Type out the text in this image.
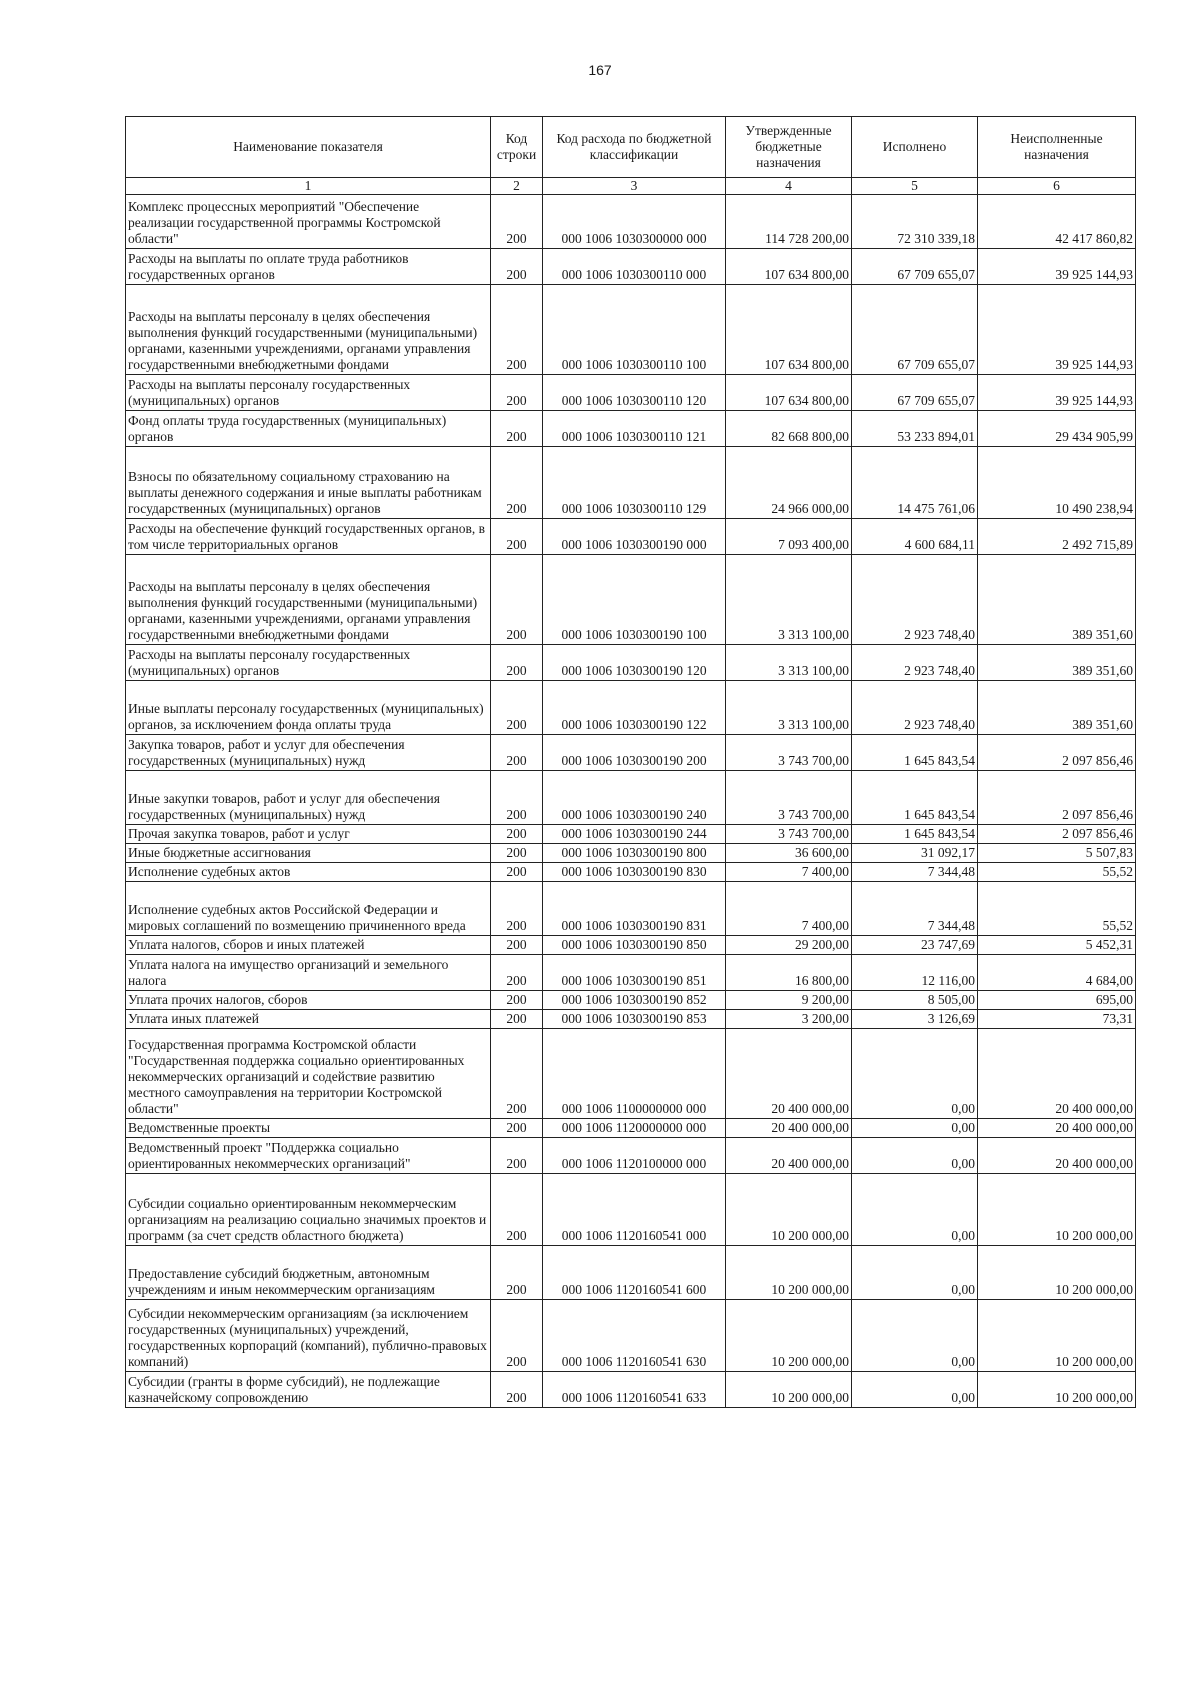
167
Наименование показателя	Код строки	Код расхода по бюджетной классификации	Утвержденные бюджетные назначения	Исполнено	Неисполненные назначения
1	2	3	4	5	6
Комплекс процессных мероприятий "Обеспечение реализации государственной программы Костромской области"	200	000 1006 1030300000 000	114 728 200,00	72 310 339,18	42 417 860,82
Расходы на выплаты по оплате труда работников государственных органов	200	000 1006 1030300110 000	107 634 800,00	67 709 655,07	39 925 144,93
Расходы на выплаты персоналу в целях обеспечения выполнения функций государственными (муниципальными) органами, казенными учреждениями, органами управления государственными внебюджетными фондами	200	000 1006 1030300110 100	107 634 800,00	67 709 655,07	39 925 144,93
Расходы на выплаты персоналу государственных (муниципальных) органов	200	000 1006 1030300110 120	107 634 800,00	67 709 655,07	39 925 144,93
Фонд оплаты труда государственных (муниципальных) органов	200	000 1006 1030300110 121	82 668 800,00	53 233 894,01	29 434 905,99
Взносы по обязательному социальному страхованию на выплаты денежного содержания и иные выплаты работникам государственных (муниципальных) органов	200	000 1006 1030300110 129	24 966 000,00	14 475 761,06	10 490 238,94
Расходы на обеспечение функций государственных органов, в том числе территориальных органов	200	000 1006 1030300190 000	7 093 400,00	4 600 684,11	2 492 715,89
Расходы на выплаты персоналу в целях обеспечения выполнения функций государственными (муниципальными) органами, казенными учреждениями, органами управления государственными внебюджетными фондами	200	000 1006 1030300190 100	3 313 100,00	2 923 748,40	389 351,60
Расходы на выплаты персоналу государственных (муниципальных) органов	200	000 1006 1030300190 120	3 313 100,00	2 923 748,40	389 351,60
Иные выплаты персоналу государственных (муниципальных) органов, за исключением фонда оплаты труда	200	000 1006 1030300190 122	3 313 100,00	2 923 748,40	389 351,60
Закупка товаров, работ и услуг для обеспечения государственных (муниципальных) нужд	200	000 1006 1030300190 200	3 743 700,00	1 645 843,54	2 097 856,46
Иные закупки товаров, работ и услуг для обеспечения государственных (муниципальных) нужд	200	000 1006 1030300190 240	3 743 700,00	1 645 843,54	2 097 856,46
Прочая закупка товаров, работ и услуг	200	000 1006 1030300190 244	3 743 700,00	1 645 843,54	2 097 856,46
Иные бюджетные ассигнования	200	000 1006 1030300190 800	36 600,00	31 092,17	5 507,83
Исполнение судебных актов	200	000 1006 1030300190 830	7 400,00	7 344,48	55,52
Исполнение судебных актов Российской Федерации и мировых соглашений по возмещению причиненного вреда	200	000 1006 1030300190 831	7 400,00	7 344,48	55,52
Уплата налогов, сборов и иных платежей	200	000 1006 1030300190 850	29 200,00	23 747,69	5 452,31
Уплата налога на имущество организаций и земельного налога	200	000 1006 1030300190 851	16 800,00	12 116,00	4 684,00
Уплата прочих налогов, сборов	200	000 1006 1030300190 852	9 200,00	8 505,00	695,00
Уплата иных платежей	200	000 1006 1030300190 853	3 200,00	3 126,69	73,31
Государственная программа Костромской области "Государственная поддержка социально ориентированных некоммерческих организаций и содействие развитию местного самоуправления на территории Костромской области"	200	000 1006 1100000000 000	20 400 000,00	0,00	20 400 000,00
Ведомственные проекты	200	000 1006 1120000000 000	20 400 000,00	0,00	20 400 000,00
Ведомственный проект "Поддержка социально ориентированных некоммерческих организаций"	200	000 1006 1120100000 000	20 400 000,00	0,00	20 400 000,00
Субсидии социально ориентированным некоммерческим организациям на реализацию социально значимых проектов и программ (за счет средств областного бюджета)	200	000 1006 1120160541 000	10 200 000,00	0,00	10 200 000,00
Предоставление субсидий бюджетным, автономным учреждениям и иным некоммерческим организациям	200	000 1006 1120160541 600	10 200 000,00	0,00	10 200 000,00
Субсидии некоммерческим организациям (за исключением государственных (муниципальных) учреждений, государственных корпораций (компаний), публично-правовых компаний)	200	000 1006 1120160541 630	10 200 000,00	0,00	10 200 000,00
Субсидии (гранты в форме субсидий), не подлежащие казначейскому сопровождению	200	000 1006 1120160541 633	10 200 000,00	0,00	10 200 000,00
